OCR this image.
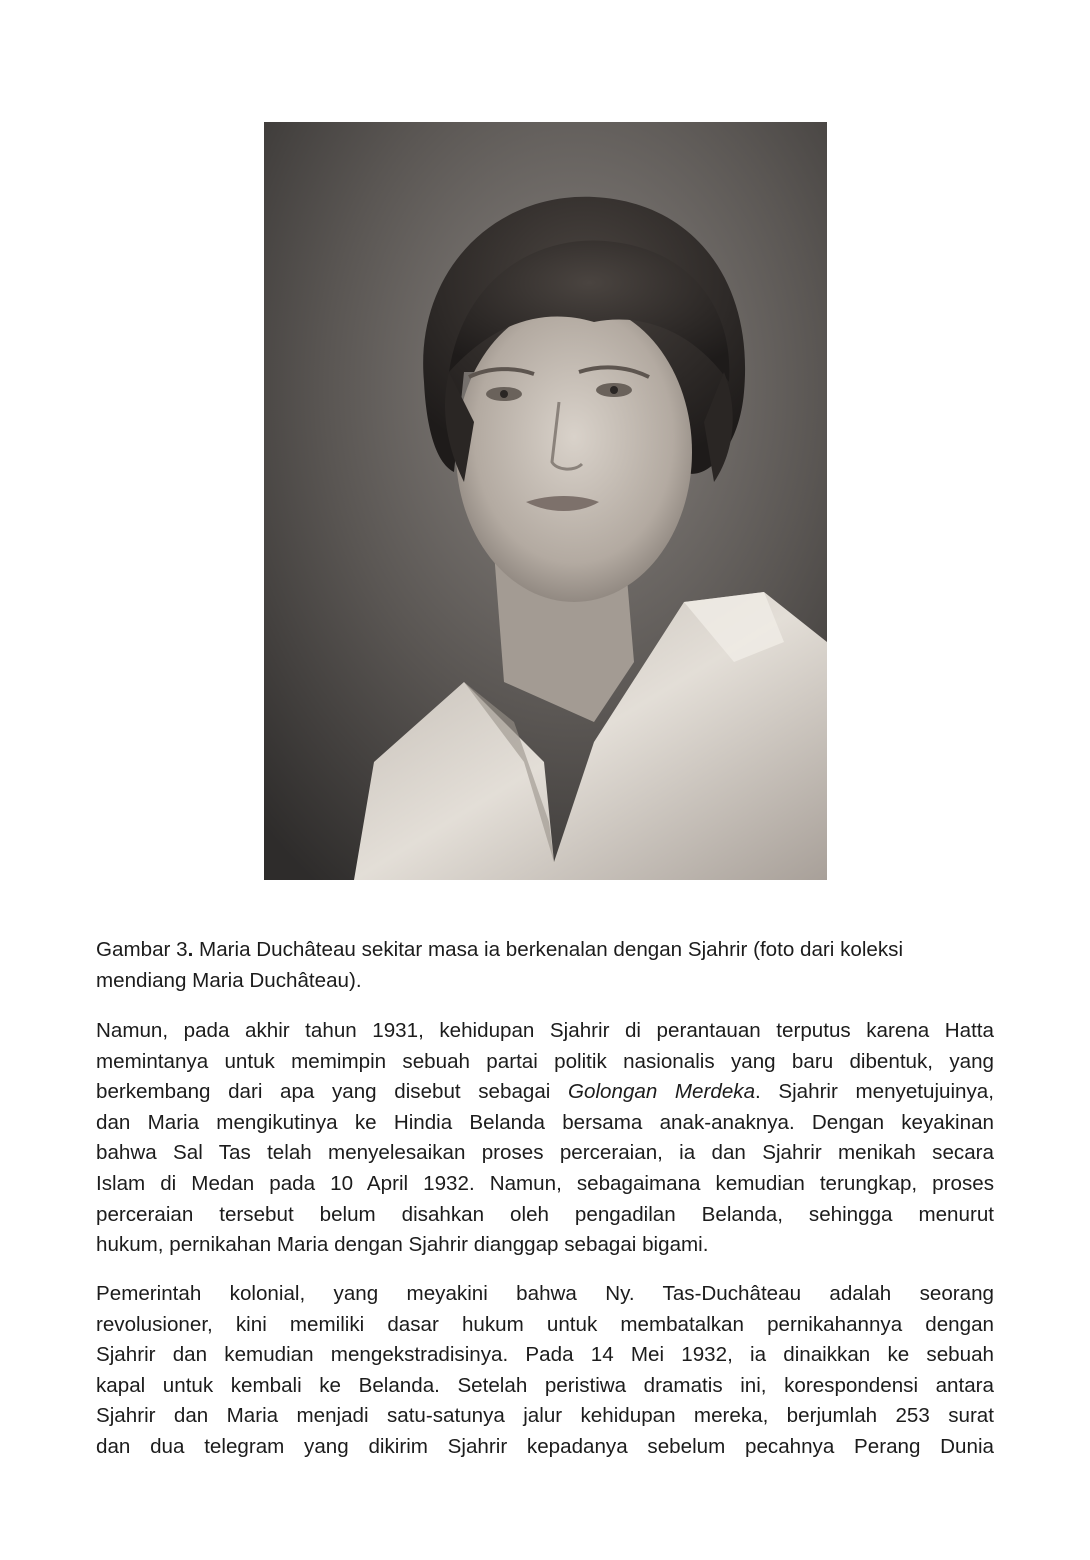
Gambar 3. Maria Duchâteau sekitar masa ia berkenalan dengan Sjahrir (foto dari koleksi
mendiang Maria Duchâteau).
Namun, pada akhir tahun 1931, kehidupan Sjahrir di perantauan terputus karena Hatta
memintanya untuk memimpin sebuah partai politik nasionalis yang baru dibentuk, yang
berkembang dari apa yang disebut sebagai Golongan Merdeka. Sjahrir menyetujuinya,
dan Maria mengikutinya ke Hindia Belanda bersama anak-anaknya. Dengan keyakinan
bahwa Sal Tas telah menyelesaikan proses perceraian, ia dan Sjahrir menikah secara
Islam di Medan pada 10 April 1932. Namun, sebagaimana kemudian terungkap, proses
perceraian tersebut belum disahkan oleh pengadilan Belanda, sehingga menurut
hukum, pernikahan Maria dengan Sjahrir dianggap sebagai bigami.
Pemerintah kolonial, yang meyakini bahwa Ny. Tas-Duchâteau adalah seorang
revolusioner, kini memiliki dasar hukum untuk membatalkan pernikahannya dengan
Sjahrir dan kemudian mengekstradisinya. Pada 14 Mei 1932, ia dinaikkan ke sebuah
kapal untuk kembali ke Belanda. Setelah peristiwa dramatis ini, korespondensi antara
Sjahrir dan Maria menjadi satu-satunya jalur kehidupan mereka, berjumlah 253 surat
dan dua telegram yang dikirim Sjahrir kepadanya sebelum pecahnya Perang Dunia
